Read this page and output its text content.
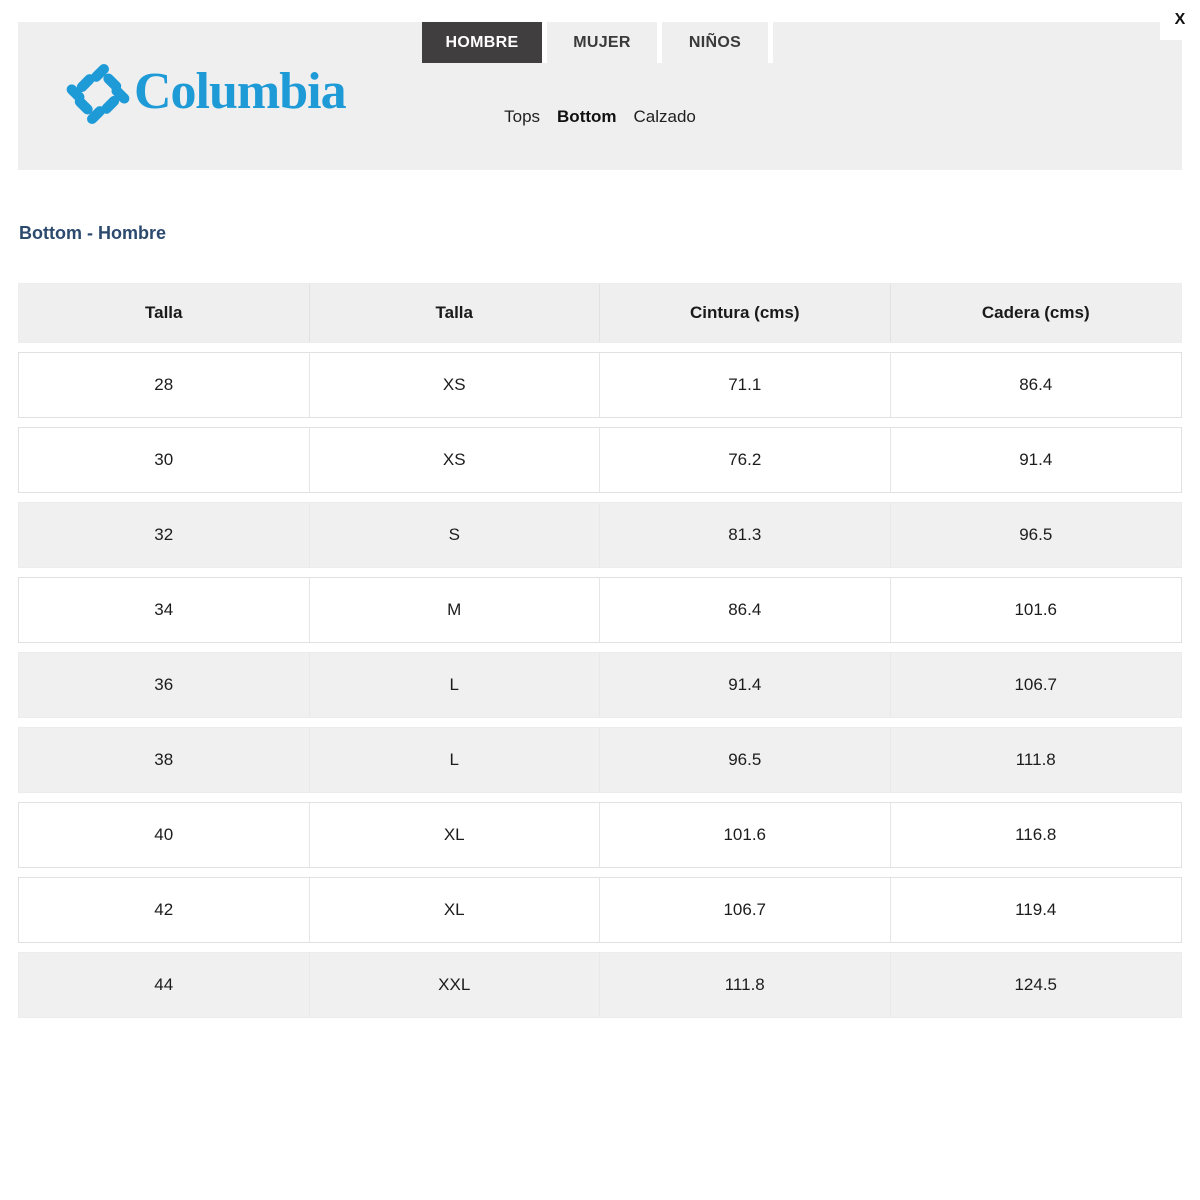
X
Columbia
HOMBRE	MUJER	NIÑOS
Tops Bottom Calzado
Bottom - Hombre
Talla	Talla	Cintura (cms)	Cadera (cms)
28	XS	71.1	86.4
30	XS	76.2	91.4
32	S	81.3	96.5
34	M	86.4	101.6
36	L	91.4	106.7
38	L	96.5	111.8
40	XL	101.6	116.8
42	XL	106.7	119.4
44	XXL	111.8	124.5
